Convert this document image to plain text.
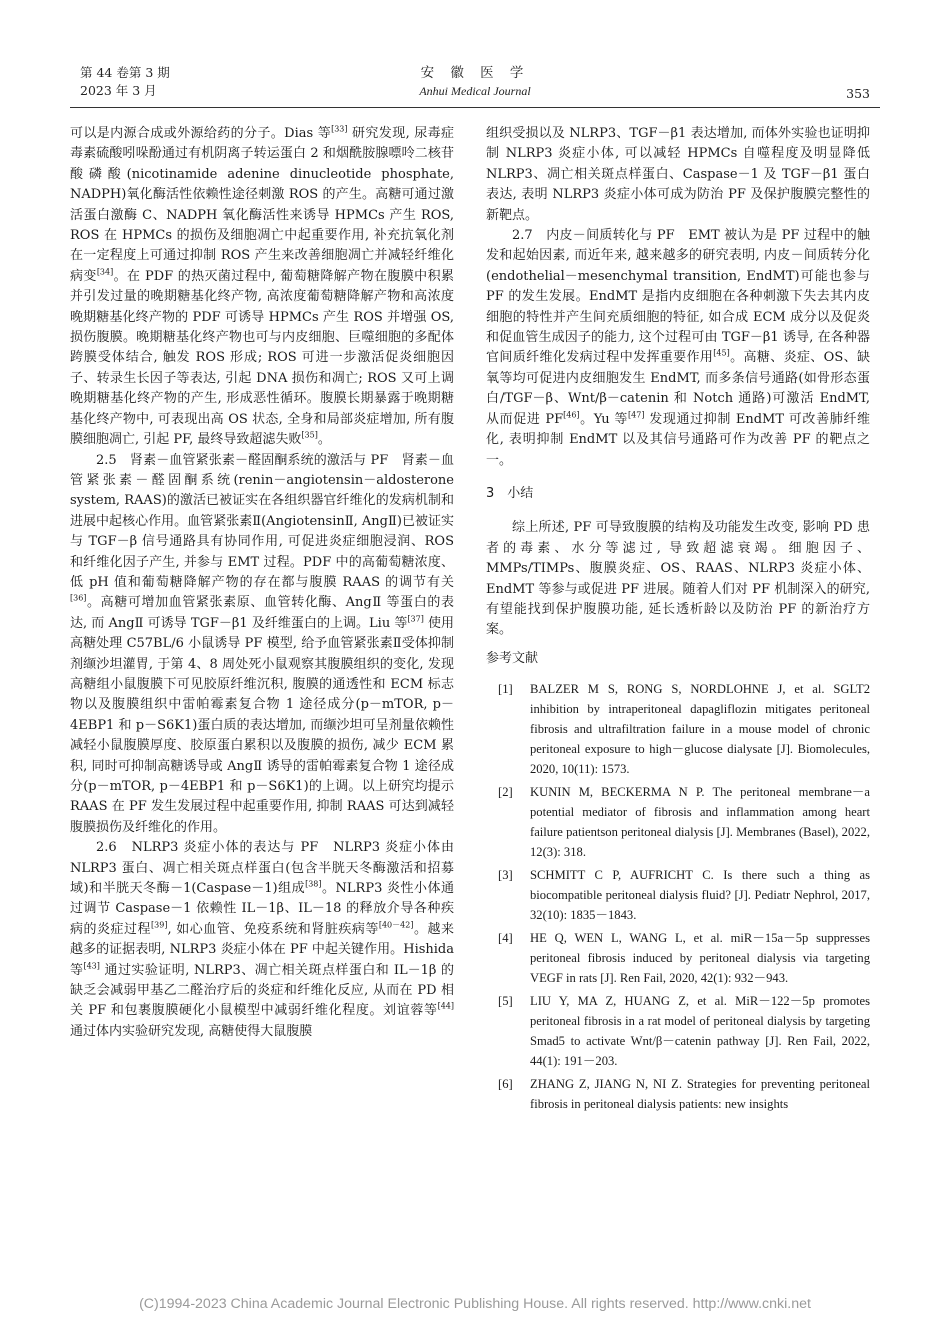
第 44 卷第 3 期
2023 年 3 月
安 徽 医 学
Anhui Medical Journal	353

可以是内源合成或外源给药的分子。Dias 等[33] 研究发现, 尿毒症毒素硫酸吲哚酚通过有机阴离子转运蛋白 2 和烟酰胺腺嘌呤二核苷酸磷酸(nicotinamide adenine dinucleotide phosphate, NADPH)氧化酶活性依赖性途径刺激 ROS 的产生。高糖可通过激活蛋白激酶 C、NADPH 氧化酶活性来诱导 HPMCs 产生 ROS, ROS 在 HPMCs 的损伤及细胞凋亡中起重要作用, 补充抗氧化剂在一定程度上可通过抑制 ROS 产生来改善细胞凋亡并减轻纤维化病变[34]。在 PDF 的热灭菌过程中, 葡萄糖降解产物在腹膜中积累并引发过量的晚期糖基化终产物, 高浓度葡萄糖降解产物和高浓度晚期糖基化终产物的 PDF 可诱导 HPMCs 产生 ROS 并增强 OS, 损伤腹膜。晚期糖基化终产物也可与内皮细胞、巨噬细胞的多配体跨膜受体结合, 触发 ROS 形成; ROS 可进一步激活促炎细胞因子、转录生长因子等表达, 引起 DNA 损伤和凋亡; ROS 又可上调晚期糖基化终产物的产生, 形成恶性循环。腹膜长期暴露于晚期糖基化终产物中, 可表现出高 OS 状态, 全身和局部炎症增加, 所有腹膜细胞凋亡, 引起 PF, 最终导致超滤失败[35]。

2.5　肾素－血管紧张素－醛固酮系统的激活与 PF　肾素－血管紧张素－醛固酮系统(renin－angiotensin－aldosterone system, RAAS)的激活已被证实在各组织器官纤维化的发病机制和进展中起核心作用。血管紧张素Ⅱ(AngiotensinⅡ, AngⅡ)已被证实与 TGF－β 信号通路具有协同作用, 可促进炎症细胞浸润、ROS 和纤维化因子产生, 并参与 EMT 过程。PDF 中的高葡萄糖浓度、低 pH 值和葡萄糖降解产物的存在都与腹膜 RAAS 的调节有关[36]。高糖可增加血管紧张素原、血管转化酶、AngⅡ 等蛋白的表达, 而 AngⅡ 可诱导 TGF－β1 及纤维蛋白的上调。Liu 等[37] 使用高糖处理 C57BL/6 小鼠诱导 PF 模型, 给予血管紧张素Ⅱ受体抑制剂缬沙坦灌胃, 于第 4、8 周处死小鼠观察其腹膜组织的变化, 发现高糖组小鼠腹膜下可见胶原纤维沉积, 腹膜的通透性和 ECM 标志物以及腹膜组织中雷帕霉素复合物 1 途径成分(p－mTOR, p－4EBP1 和 p－S6K1)蛋白质的表达增加, 而缬沙坦可呈剂量依赖性减轻小鼠腹膜厚度、胶原蛋白累积以及腹膜的损伤, 减少 ECM 累积, 同时可抑制高糖诱导或 AngⅡ 诱导的雷帕霉素复合物 1 途径成分(p－mTOR, p－4EBP1 和 p－S6K1)的上调。以上研究均提示 RAAS 在 PF 发生发展过程中起重要作用, 抑制 RAAS 可达到减轻腹膜损伤及纤维化的作用。

2.6　NLRP3 炎症小体的表达与 PF　NLRP3 炎症小体由 NLRP3 蛋白、凋亡相关斑点样蛋白(包含半胱天冬酶激活和招募域)和半胱天冬酶－1(Caspase－1)组成[38]。NLRP3 炎性小体通过调节 Caspase－1 依赖性 IL－1β、IL－18 的释放介导各种疾病的炎症过程[39], 如心血管、免疫系统和肾脏疾病等[40－42]。越来越多的证据表明, NLRP3 炎症小体在 PF 中起关键作用。Hishida 等[43] 通过实验证明, NLRP3、凋亡相关斑点样蛋白和 IL－1β 的缺乏会减弱甲基乙二醛治疗后的炎症和纤维化反应, 从而在 PD 相关 PF 和包裹腹膜硬化小鼠模型中减弱纤维化程度。刘谊蓉等[44] 通过体内实验研究发现, 高糖使得大鼠腹膜

组织受损以及 NLRP3、TGF－β1 表达增加, 而体外实验也证明抑制 NLRP3 炎症小体, 可以减轻 HPMCs 自噬程度及明显降低 NLRP3、凋亡相关斑点样蛋白、Caspase－1 及 TGF－β1 蛋白表达, 表明 NLRP3 炎症小体可成为防治 PF 及保护腹膜完整性的新靶点。

2.7　内皮－间质转化与 PF　EMT 被认为是 PF 过程中的触发和起始因素, 而近年来, 越来越多的研究表明, 内皮－间质转分化(endothelial－mesenchymal transition, EndMT)可能也参与 PF 的发生发展。EndMT 是指内皮细胞在各种刺激下失去其内皮细胞的特性并产生间充质细胞的特征, 如合成 ECM 成分以及促炎和促血管生成因子的能力, 这个过程可由 TGF－β1 诱导, 在各种器官间质纤维化发病过程中发挥重要作用[45]。高糖、炎症、OS、缺氧等均可促进内皮细胞发生 EndMT, 而多条信号通路(如骨形态蛋白/TGF－β、Wnt/β－catenin 和 Notch 通路)可激活 EndMT, 从而促进 PF[46]。Yu 等[47] 发现通过抑制 EndMT 可改善肺纤维化, 表明抑制 EndMT 以及其信号通路可作为改善 PF 的靶点之一。

3　小结

综上所述, PF 可导致腹膜的结构及功能发生改变, 影响 PD 患者的毒素、水分等滤过, 导致超滤衰竭。细胞因子、MMPs/TIMPs、腹膜炎症、OS、RAAS、NLRP3 炎症小体、EndMT 等参与或促进 PF 进展。随着人们对 PF 机制深入的研究, 有望能找到保护腹膜功能, 延长透析龄以及防治 PF 的新治疗方案。

参考文献
[1] BALZER M S, RONG S, NORDLOHNE J, et al. SGLT2 inhibition by intraperitoneal dapagliflozin mitigates peritoneal fibrosis and ultrafiltration failure in a mouse model of chronic peritoneal exposure to high－glucose dialysate [J]. Biomolecules, 2020, 10(11): 1573.
[2] KUNIN M, BECKERMA N P. The peritoneal membrane－a potential mediator of fibrosis and inflammation among heart failure patientson peritoneal dialysis [J]. Membranes (Basel), 2022, 12(3): 318.
[3] SCHMITT C P, AUFRICHT C. Is there such a thing as biocompatible peritoneal dialysis fluid? [J]. Pediatr Nephrol, 2017, 32(10): 1835－1843.
[4] HE Q, WEN L, WANG L, et al. miR－15a－5p suppresses peritoneal fibrosis induced by peritoneal dialysis via targeting VEGF in rats [J]. Ren Fail, 2020, 42(1): 932－943.
[5] LIU Y, MA Z, HUANG Z, et al. MiR－122－5p promotes peritoneal fibrosis in a rat model of peritoneal dialysis by targeting Smad5 to activate Wnt/β－catenin pathway [J]. Ren Fail, 2022, 44(1): 191－203.
[6] ZHANG Z, JIANG N, NI Z. Strategies for preventing peritoneal fibrosis in peritoneal dialysis patients: new insights
(C)1994-2023 China Academic Journal Electronic Publishing House. All rights reserved. http://www.cnki.net
